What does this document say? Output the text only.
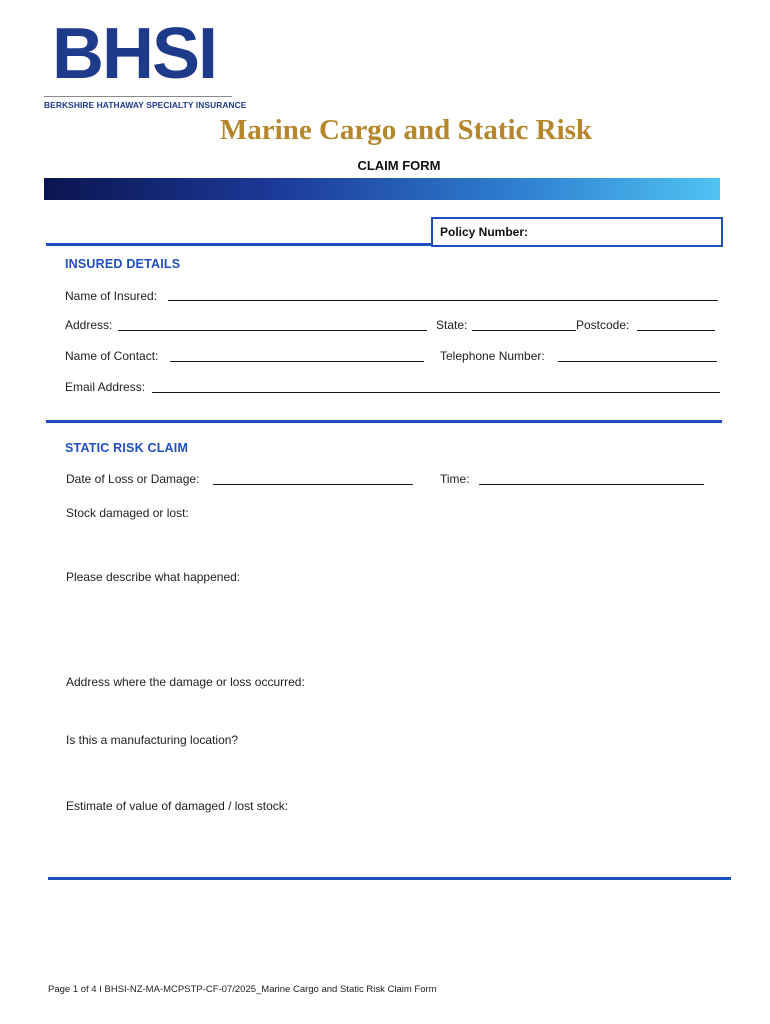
BHSI
BERKSHIRE HATHAWAY SPECIALTY INSURANCE
Marine Cargo and Static Risk
CLAIM FORM
Policy Number:
INSURED DETAILS
Name of Insured:
Address:	State:	Postcode:
Name of Contact:	Telephone Number:
Email Address:
STATIC RISK CLAIM
Date of Loss or Damage:	Time:
Stock damaged or lost:
Please describe what happened:
Address where the damage or loss occurred:
Is this a manufacturing location?
Estimate of value of damaged / lost stock:
Page 1 of 4 I BHSI-NZ-MA-MCPSTP-CF-07/2025_Marine Cargo and Static Risk Claim Form
